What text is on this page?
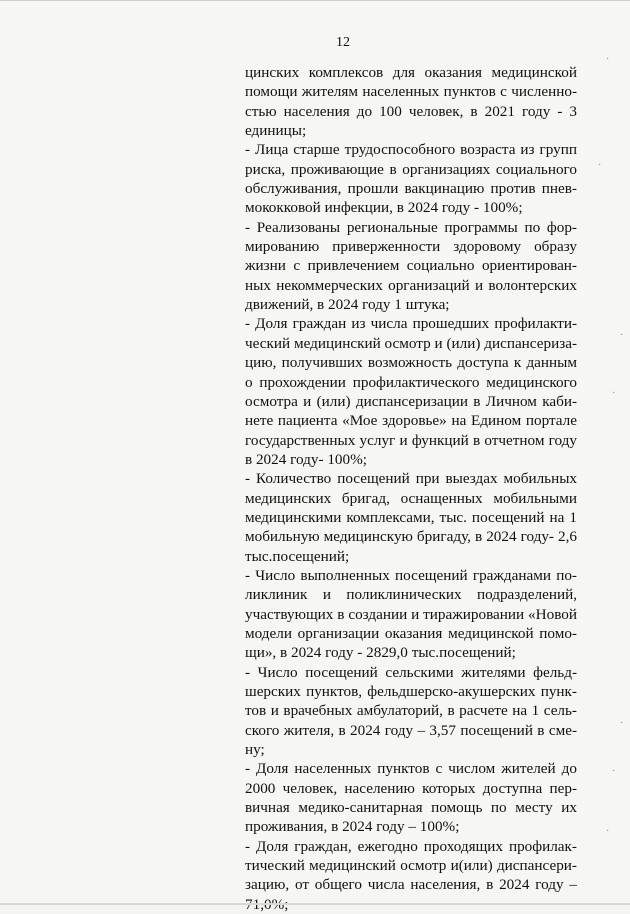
12
цинских комплексов для оказания медицинской
помощи жителям населенных пунктов с численно-
стью населения до 100 человек, в 2021 году - 3
единицы;
- Лица старше трудоспособного возраста из групп
риска, проживающие в организациях социального
обслуживания, прошли вакцинацию против пнев-
мококковой инфекции, в 2024 году - 100%;
- Реализованы региональные программы по фор-
мированию приверженности здоровому образу
жизни с привлечением социально ориентирован-
ных некоммерческих организаций и волонтерских
движений, в 2024 году 1 штука;
- Доля граждан из числа прошедших профилакти-
ческий медицинский осмотр и (или) диспансериза-
цию, получивших возможность доступа к данным
о прохождении профилактического медицинского
осмотра и (или) диспансеризации в Личном каби-
нете пациента «Мое здоровье» на Едином портале
государственных услуг и функций в отчетном году
в 2024 году- 100%;
- Количество посещений при выездах мобильных
медицинских бригад, оснащенных мобильными
медицинскими комплексами, тыс. посещений на 1
мобильную медицинскую бригаду, в 2024 году- 2,6
тыс.посещений;
- Число выполненных посещений гражданами по-
ликлиник и поликлинических подразделений,
участвующих в создании и тиражировании «Новой
модели организации оказания медицинской помо-
щи», в 2024 году - 2829,0 тыс.посещений;
- Число посещений сельскими жителями фельд-
шерских пунктов, фельдшерско-акушерских пунк-
тов и врачебных амбулаторий, в расчете на 1 сель-
ского жителя, в 2024 году – 3,57 посещений в сме-
ну;
- Доля населенных пунктов с числом жителей до
2000 человек, населению которых доступна пер-
вичная медико-санитарная помощь по месту их
проживания, в 2024 году – 100%;
- Доля граждан, ежегодно проходящих профилак-
тический медицинский осмотр и(или) диспансери-
зацию, от общего числа населения, в 2024 году –
·
·
·
·
·
·
·
